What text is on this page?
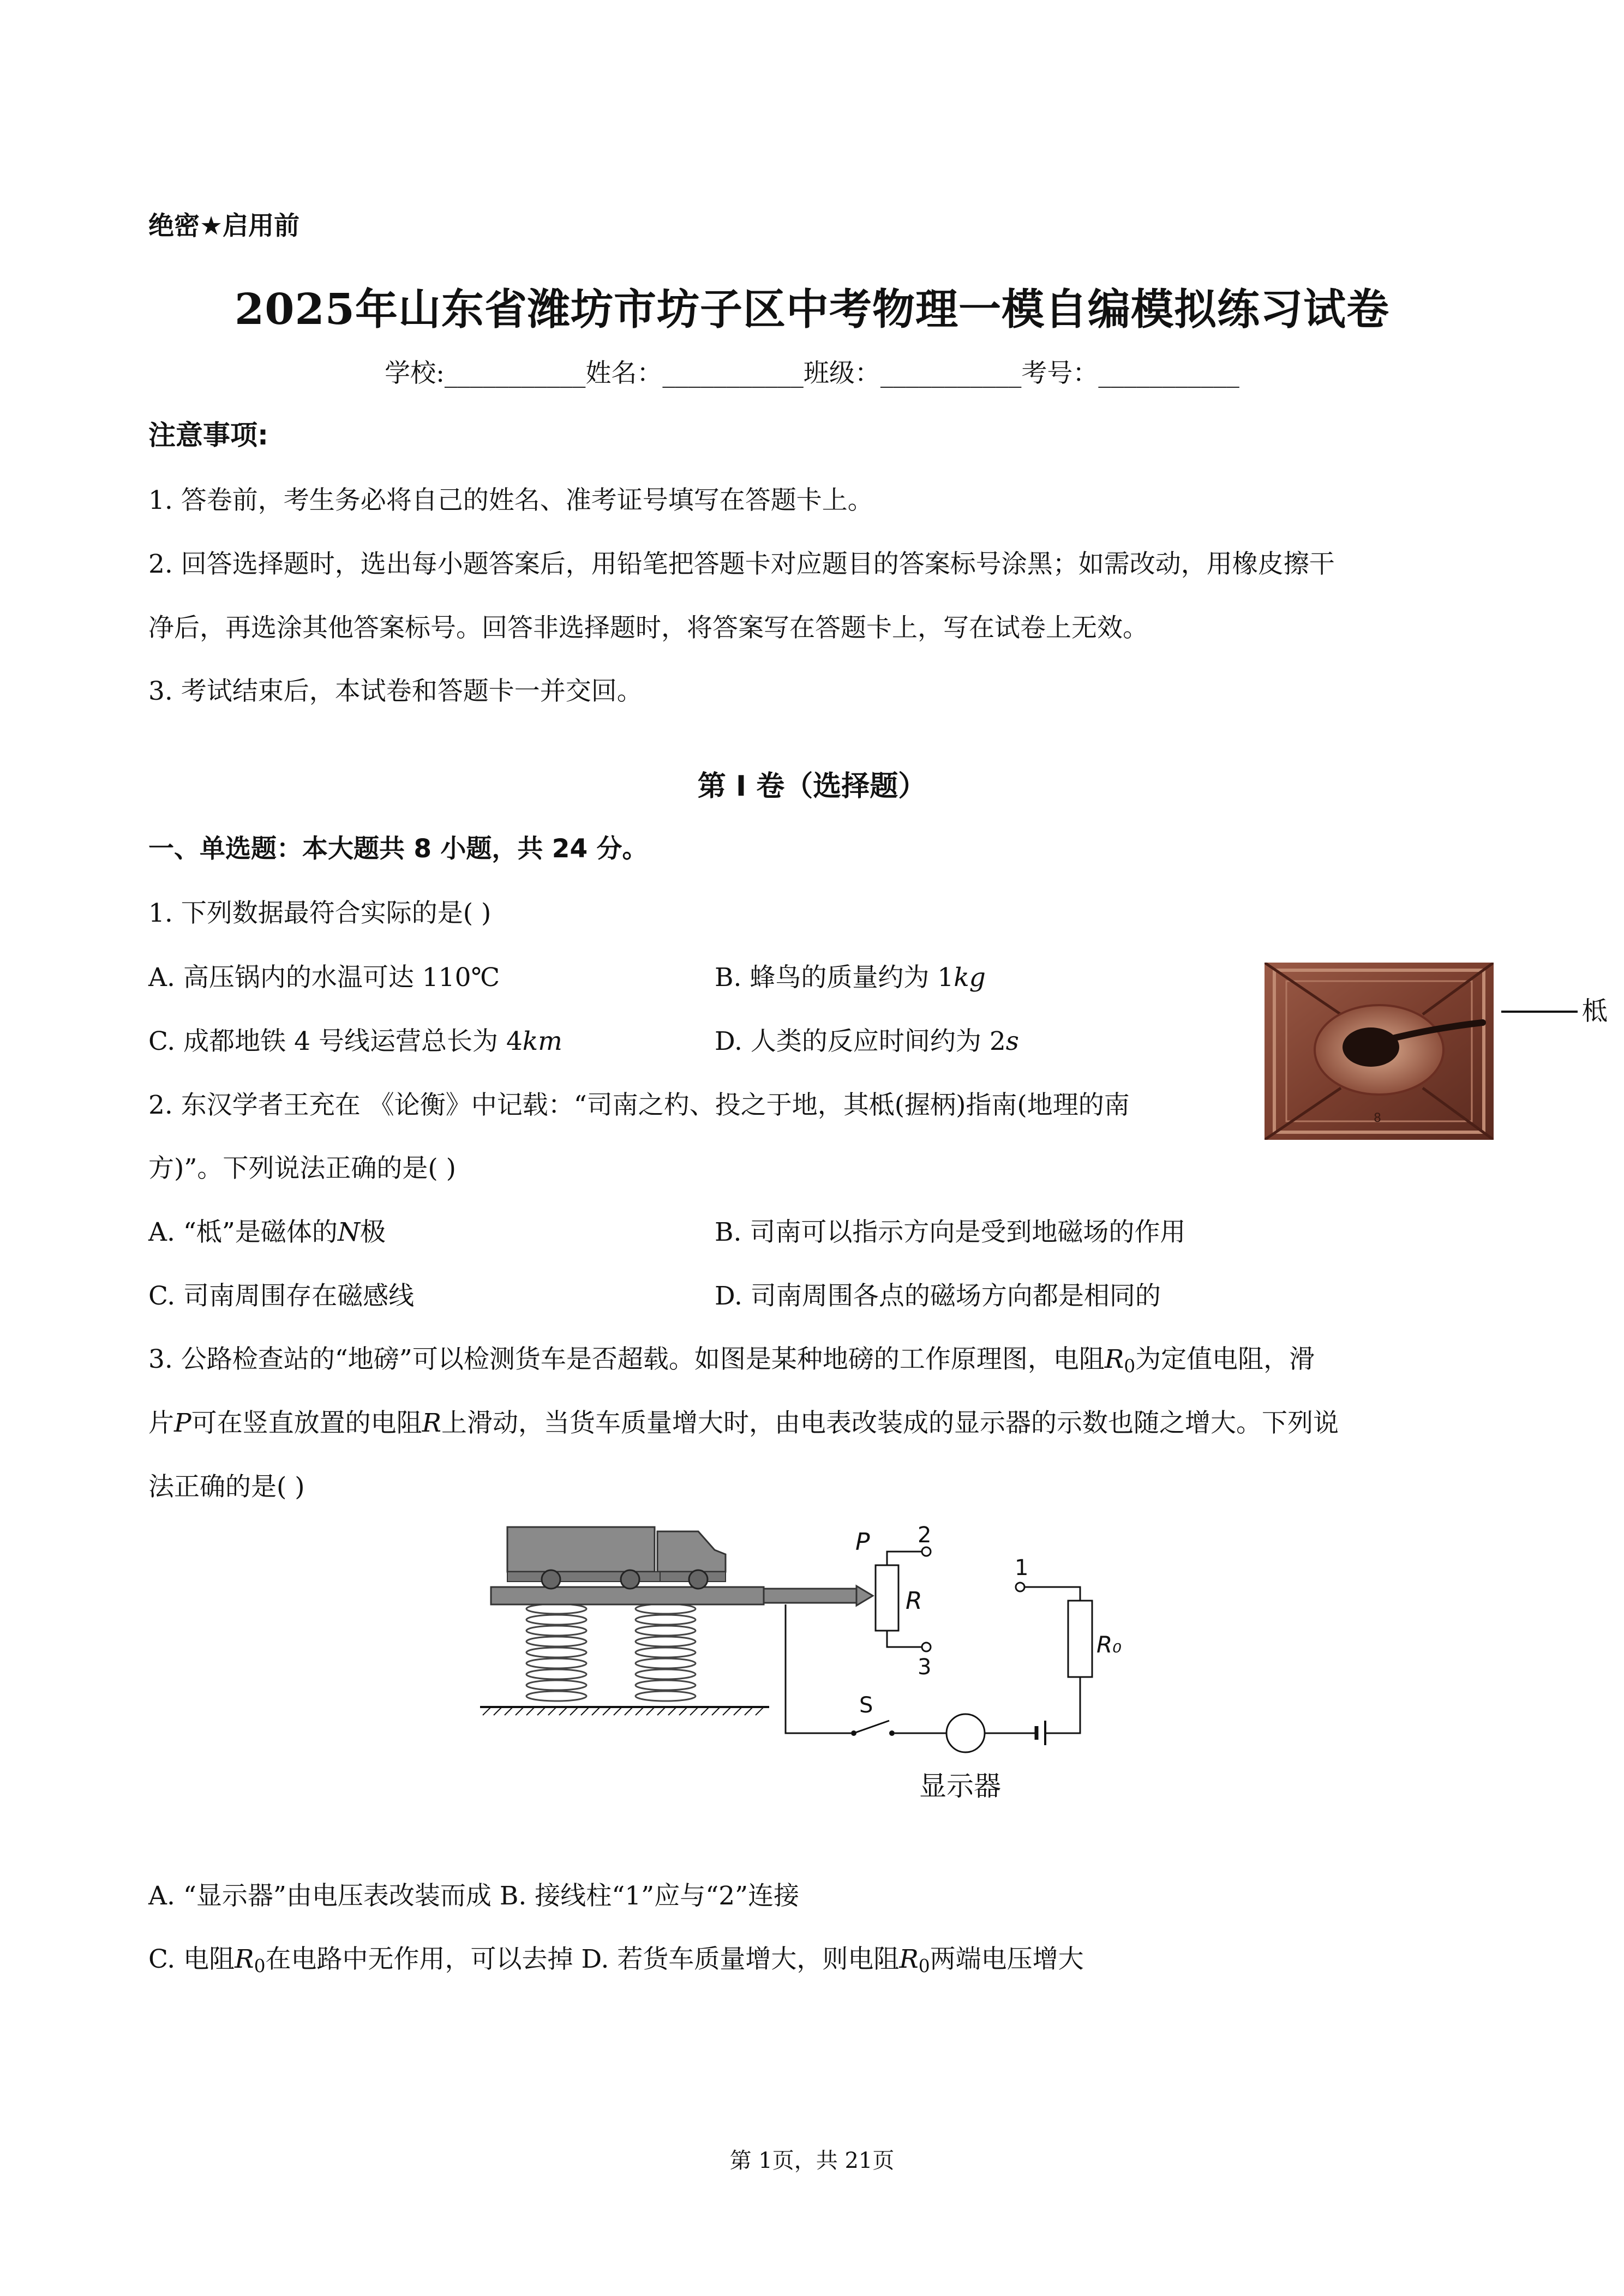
绝密★启用前
2025年山东省潍坊市坊子区中考物理一模自编模拟练习试卷
学校:___________姓名：___________班级：___________考号：___________
注意事项:
1. 答卷前，考生务必将自己的姓名、准考证号填写在答题卡上。
2. 回答选择题时，选出每小题答案后，用铅笔把答题卡对应题目的答案标号涂黑；如需改动，用橡皮擦干
净后，再选涂其他答案标号。回答非选择题时，将答案写在答题卡上，写在试卷上无效。
3. 考试结束后，本试卷和答题卡一并交回。
第 I 卷（选择题）
一、单选题：本大题共 8 小题，共 24 分。
1. 下列数据最符合实际的是( )
A. 高压锅内的水温可达 110℃	B. 蜂鸟的质量约为 1kg
C. 成都地铁 4 号线运营总长为 4km	D. 人类的反应时间约为 2s
8
柢
2. 东汉学者王充在 《论衡》中记载：“司南之杓、投之于地，其柢(握柄)指南(地理的南
方)”。下列说法正确的是( )
A. “柢”是磁体的N极	B. 司南可以指示方向是受到地磁场的作用
C. 司南周围存在磁感线	D. 司南周围各点的磁场方向都是相同的
3. 公路检查站的“地磅”可以检测货车是否超载。如图是某种地磅的工作原理图，电阻$R_0$为定值电阻，滑
片P可在竖直放置的电阻R上滑动，当货车质量增大时，由电表改装成的显示器的示数也随之增大。下列说
法正确的是( )
P
R
2
3
1
R₀
S
显示器
A. “显示器”由电压表改装而成 B. 接线柱“1”应与“2”连接
C. 电阻$R_0$在电路中无作用，可以去掉 D. 若货车质量增大，则电阻$R_0$两端电压增大
第 1页，共 21页
